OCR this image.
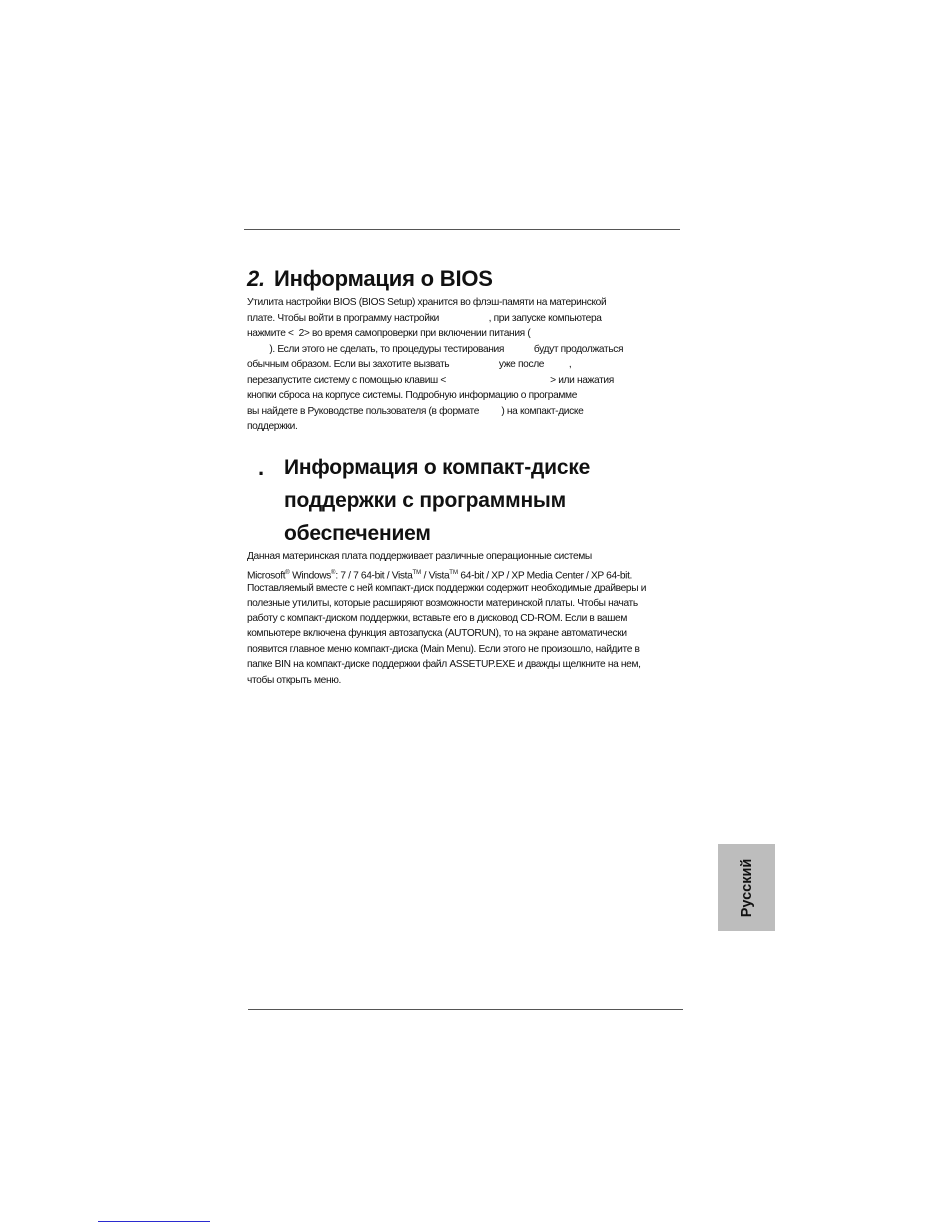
2. Информация о BIOS
Утилита настройки BIOS (BIOS Setup) хранится во флэш-памяти на материнской
плате. Чтобы войти в программу настройки                    , при запуске компьютера
нажмите <  2> во время самопроверки при включении питания (
). Если этого не сделать, то процедуры тестирования            будут продолжаться
обычным образом. Если вы захотите вызвать                    уже после          ,
перезапустите систему с помощью клавиш <                                          > или нажатия
кнопки сброса на корпусе системы. Подробную информацию о программе
вы найдете в Руководстве пользователя (в формате         ) на компакт-диске
поддержки.
. Информация о компакт-диске
поддержки с программным
обеспечением
Данная материнская плата поддерживает различные операционные системы
Microsoft® Windows®: 7 / 7 64-bit / Vista™ / Vista™ 64-bit / XP / XP Media Center / XP 64-bit.
Поставляемый вместе с ней компакт-диск поддержки содержит необходимые драйверы и
полезные утилиты, которые расширяют возможности материнской платы. Чтобы начать
работу с компакт-диском поддержки, вставьте его в дисковод CD-ROM. Если в вашем
компьютере включена функция автозапуска (AUTORUN), то на экране автоматически
появится главное меню компакт-диска (Main Menu). Если этого не произошло, найдите в
папке BIN на компакт-диске поддержки файл ASSETUP.EXE и дважды щелкните на нем,
чтобы открыть меню.
Русский
